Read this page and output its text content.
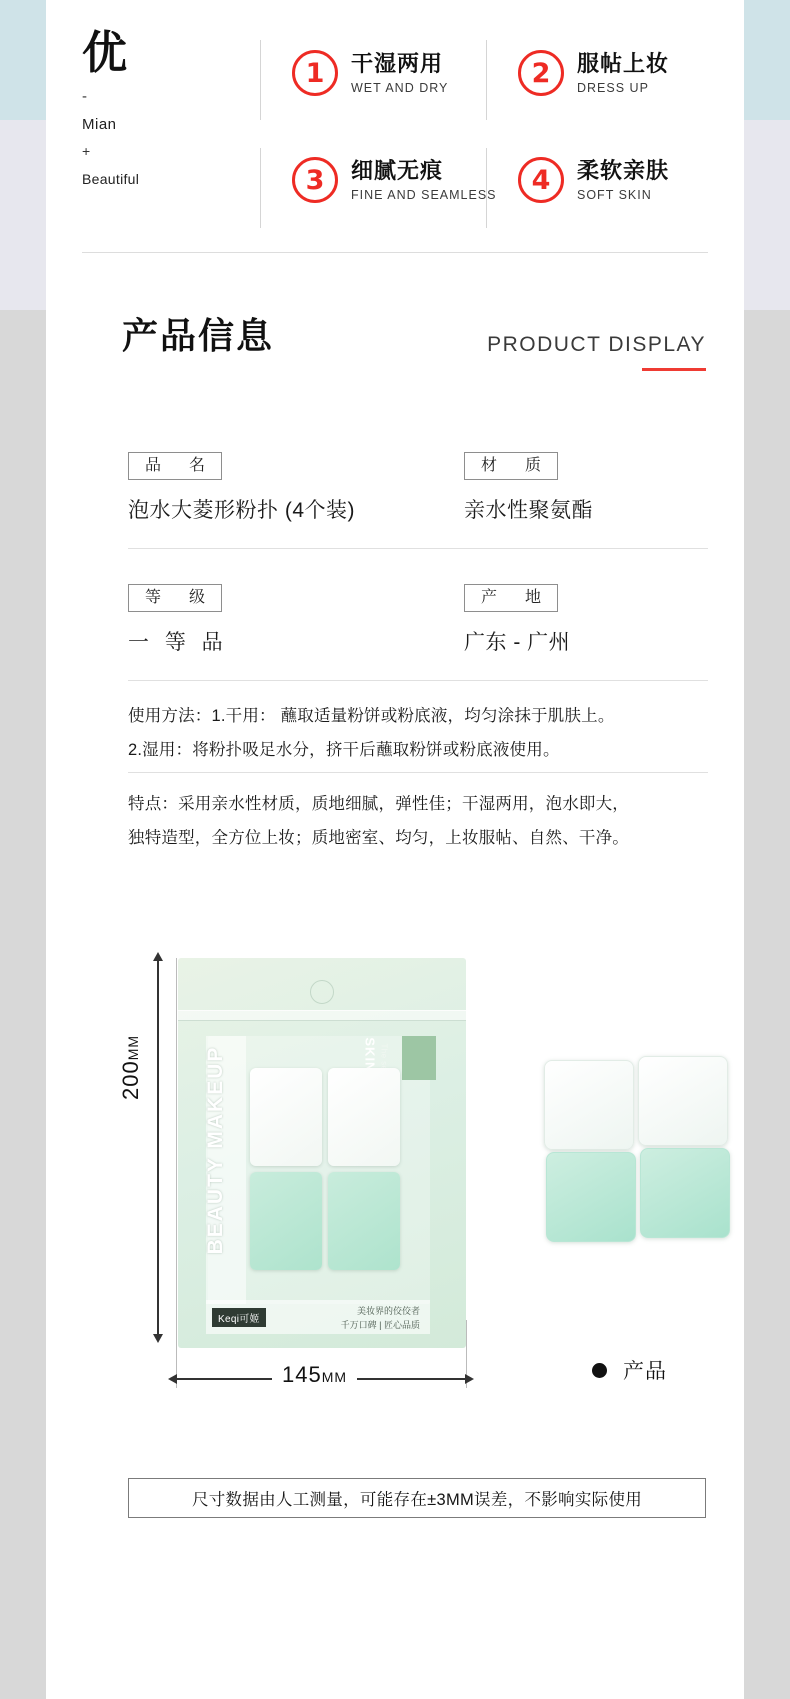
优
-
Mian
+
Beautiful
1	干湿两用
WET AND DRY	2	服帖上妆
DRESS UP
3	细腻无痕
FINE AND SEAMLESS	4	柔软亲肤
SOFT SKIN
产品信息	PRODUCT DISPLAY
品　名
泡水大菱形粉扑 (4个装)
材　质
亲水性聚氨酯
等　级
一 等 品
产　地
广东 - 广州
使用方法：1.干用： 蘸取适量粉饼或粉底液，均匀涂抹于肌肤上。
2.湿用：将粉扑吸足水分，挤干后蘸取粉饼或粉底液使用。
特点：采用亲水性材质，质地细腻，弹性佳；干湿两用，泡水即大，
独特造型，全方位上妆；质地密室、均匀，上妆服帖、自然、干净。
200MM	BEAUTY MAKEUP
Keqi可姬
美妆界的佼佼者
千万口碑 | 匠心品质
145MM	产品
尺寸数据由人工测量，可能存在±3MM误差，不影响实际使用
